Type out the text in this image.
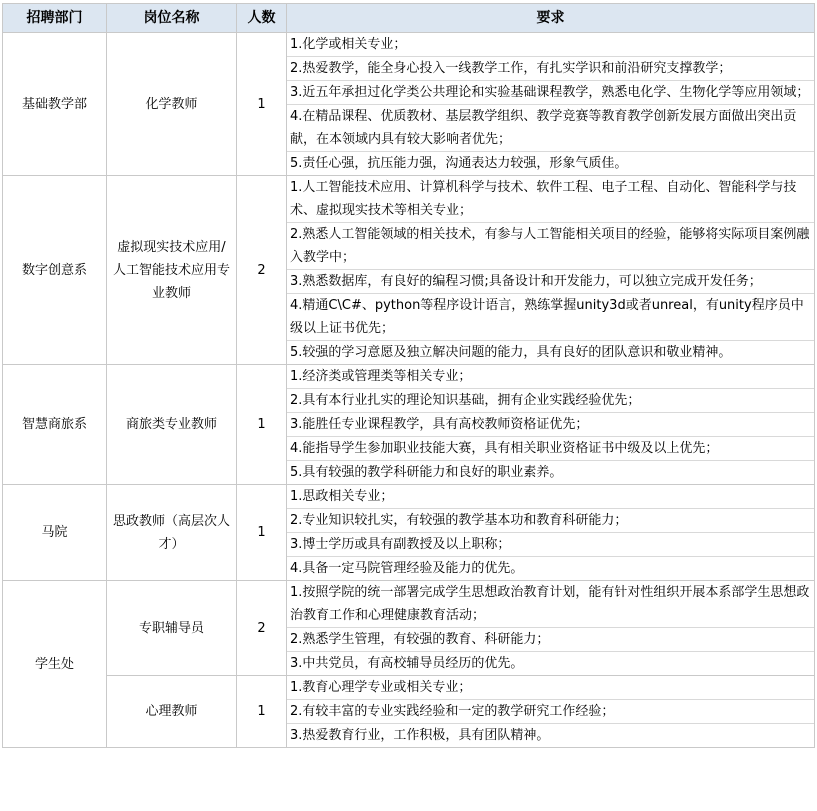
招聘部门	岗位名称	人数	要求
基础教学部	化学教师	1	1.化学或相关专业；
2.热爱教学，能全身心投入一线教学工作，有扎实学识和前沿研究支撑教学；
3.近五年承担过化学类公共理论和实验基础课程教学，熟悉电化学、生物化学等应用领域；
4.在精品课程、优质教材、基层教学组织、教学竞赛等教育教学创新发展方面做出突出贡献，在本领域内具有较大影响者优先；
5.责任心强，抗压能力强，沟通表达力较强，形象气质佳。

数字创意系	虚拟现实技术应用/人工智能技术应用专业教师	2	1.人工智能技术应用、计算机科学与技术、软件工程、电子工程、自动化、智能科学与技术、虚拟现实技术等相关专业；
2.熟悉人工智能领域的相关技术，有参与人工智能相关项目的经验，能够将实际项目案例融入教学中；
3.熟悉数据库，有良好的编程习惯;具备设计和开发能力，可以独立完成开发任务；
4.精通C\C#、python等程序设计语言，熟练掌握unity3d或者unreal，有unity程序员中级以上证书优先；
5.较强的学习意愿及独立解决问题的能力，具有良好的团队意识和敬业精神。

智慧商旅系	商旅类专业教师	1	1.经济类或管理类等相关专业；
2.具有本行业扎实的理论知识基础，拥有企业实践经验优先；
3.能胜任专业课程教学，具有高校教师资格证优先；
4.能指导学生参加职业技能大赛，具有相关职业资格证书中级及以上优先；
5.具有较强的教学科研能力和良好的职业素养。

马院	思政教师（高层次人才）	1	1.思政相关专业；
2.专业知识较扎实，有较强的教学基本功和教育科研能力；
3.博士学历或具有副教授及以上职称；
4.具备一定马院管理经验及能力的优先。

学生处	专职辅导员	2	1.按照学院的统一部署完成学生思想政治教育计划，能有针对性组织开展本系部学生思想政治教育工作和心理健康教育活动；
2.熟悉学生管理，有较强的教育、科研能力；
3.中共党员，有高校辅导员经历的优先。

	心理教师	1	1.教育心理学专业或相关专业；
2.有较丰富的专业实践经验和一定的教学研究工作经验；
3.热爱教育行业，工作积极，具有团队精神。
